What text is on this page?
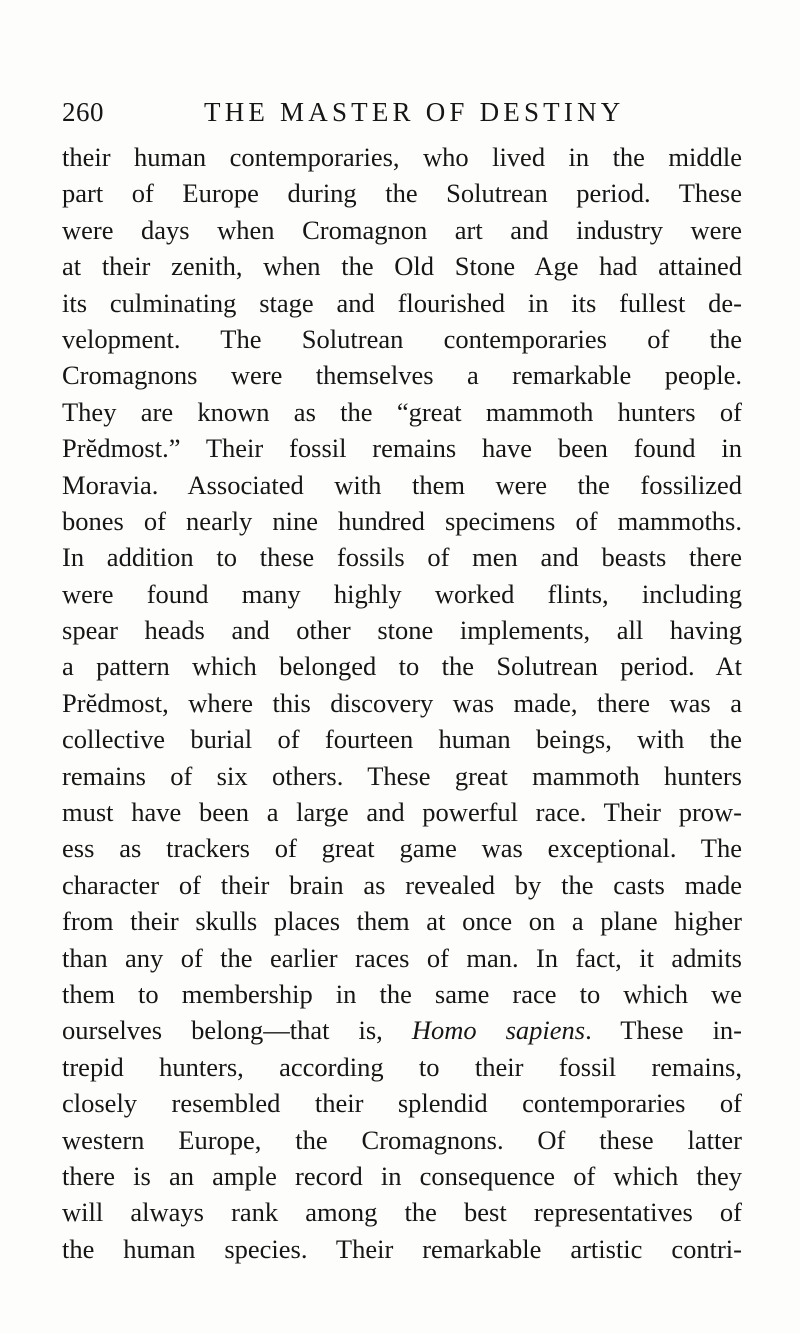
260	THE MASTER OF DESTINY
their human contemporaries, who lived in the middle
part of Europe during the Solutrean period. These
were days when Cromagnon art and industry were
at their zenith, when the Old Stone Age had attained
its culminating stage and flourished in its fullest de-
velopment. The Solutrean contemporaries of the
Cromagnons were themselves a remarkable people.
They are known as the “great mammoth hunters of
Prĕdmost.” Their fossil remains have been found in
Moravia. Associated with them were the fossilized
bones of nearly nine hundred specimens of mammoths.
In addition to these fossils of men and beasts there
were found many highly worked flints, including
spear heads and other stone implements, all having
a pattern which belonged to the Solutrean period. At
Prĕdmost, where this discovery was made, there was a
collective burial of fourteen human beings, with the
remains of six others. These great mammoth hunters
must have been a large and powerful race. Their prow-
ess as trackers of great game was exceptional. The
character of their brain as revealed by the casts made
from their skulls places them at once on a plane higher
than any of the earlier races of man. In fact, it admits
them to membership in the same race to which we
ourselves belong—that is, Homo sapiens. These in-
trepid hunters, according to their fossil remains,
closely resembled their splendid contemporaries of
western Europe, the Cromagnons. Of these latter
there is an ample record in consequence of which they
will always rank among the best representatives of
the human species. Their remarkable artistic contri-
